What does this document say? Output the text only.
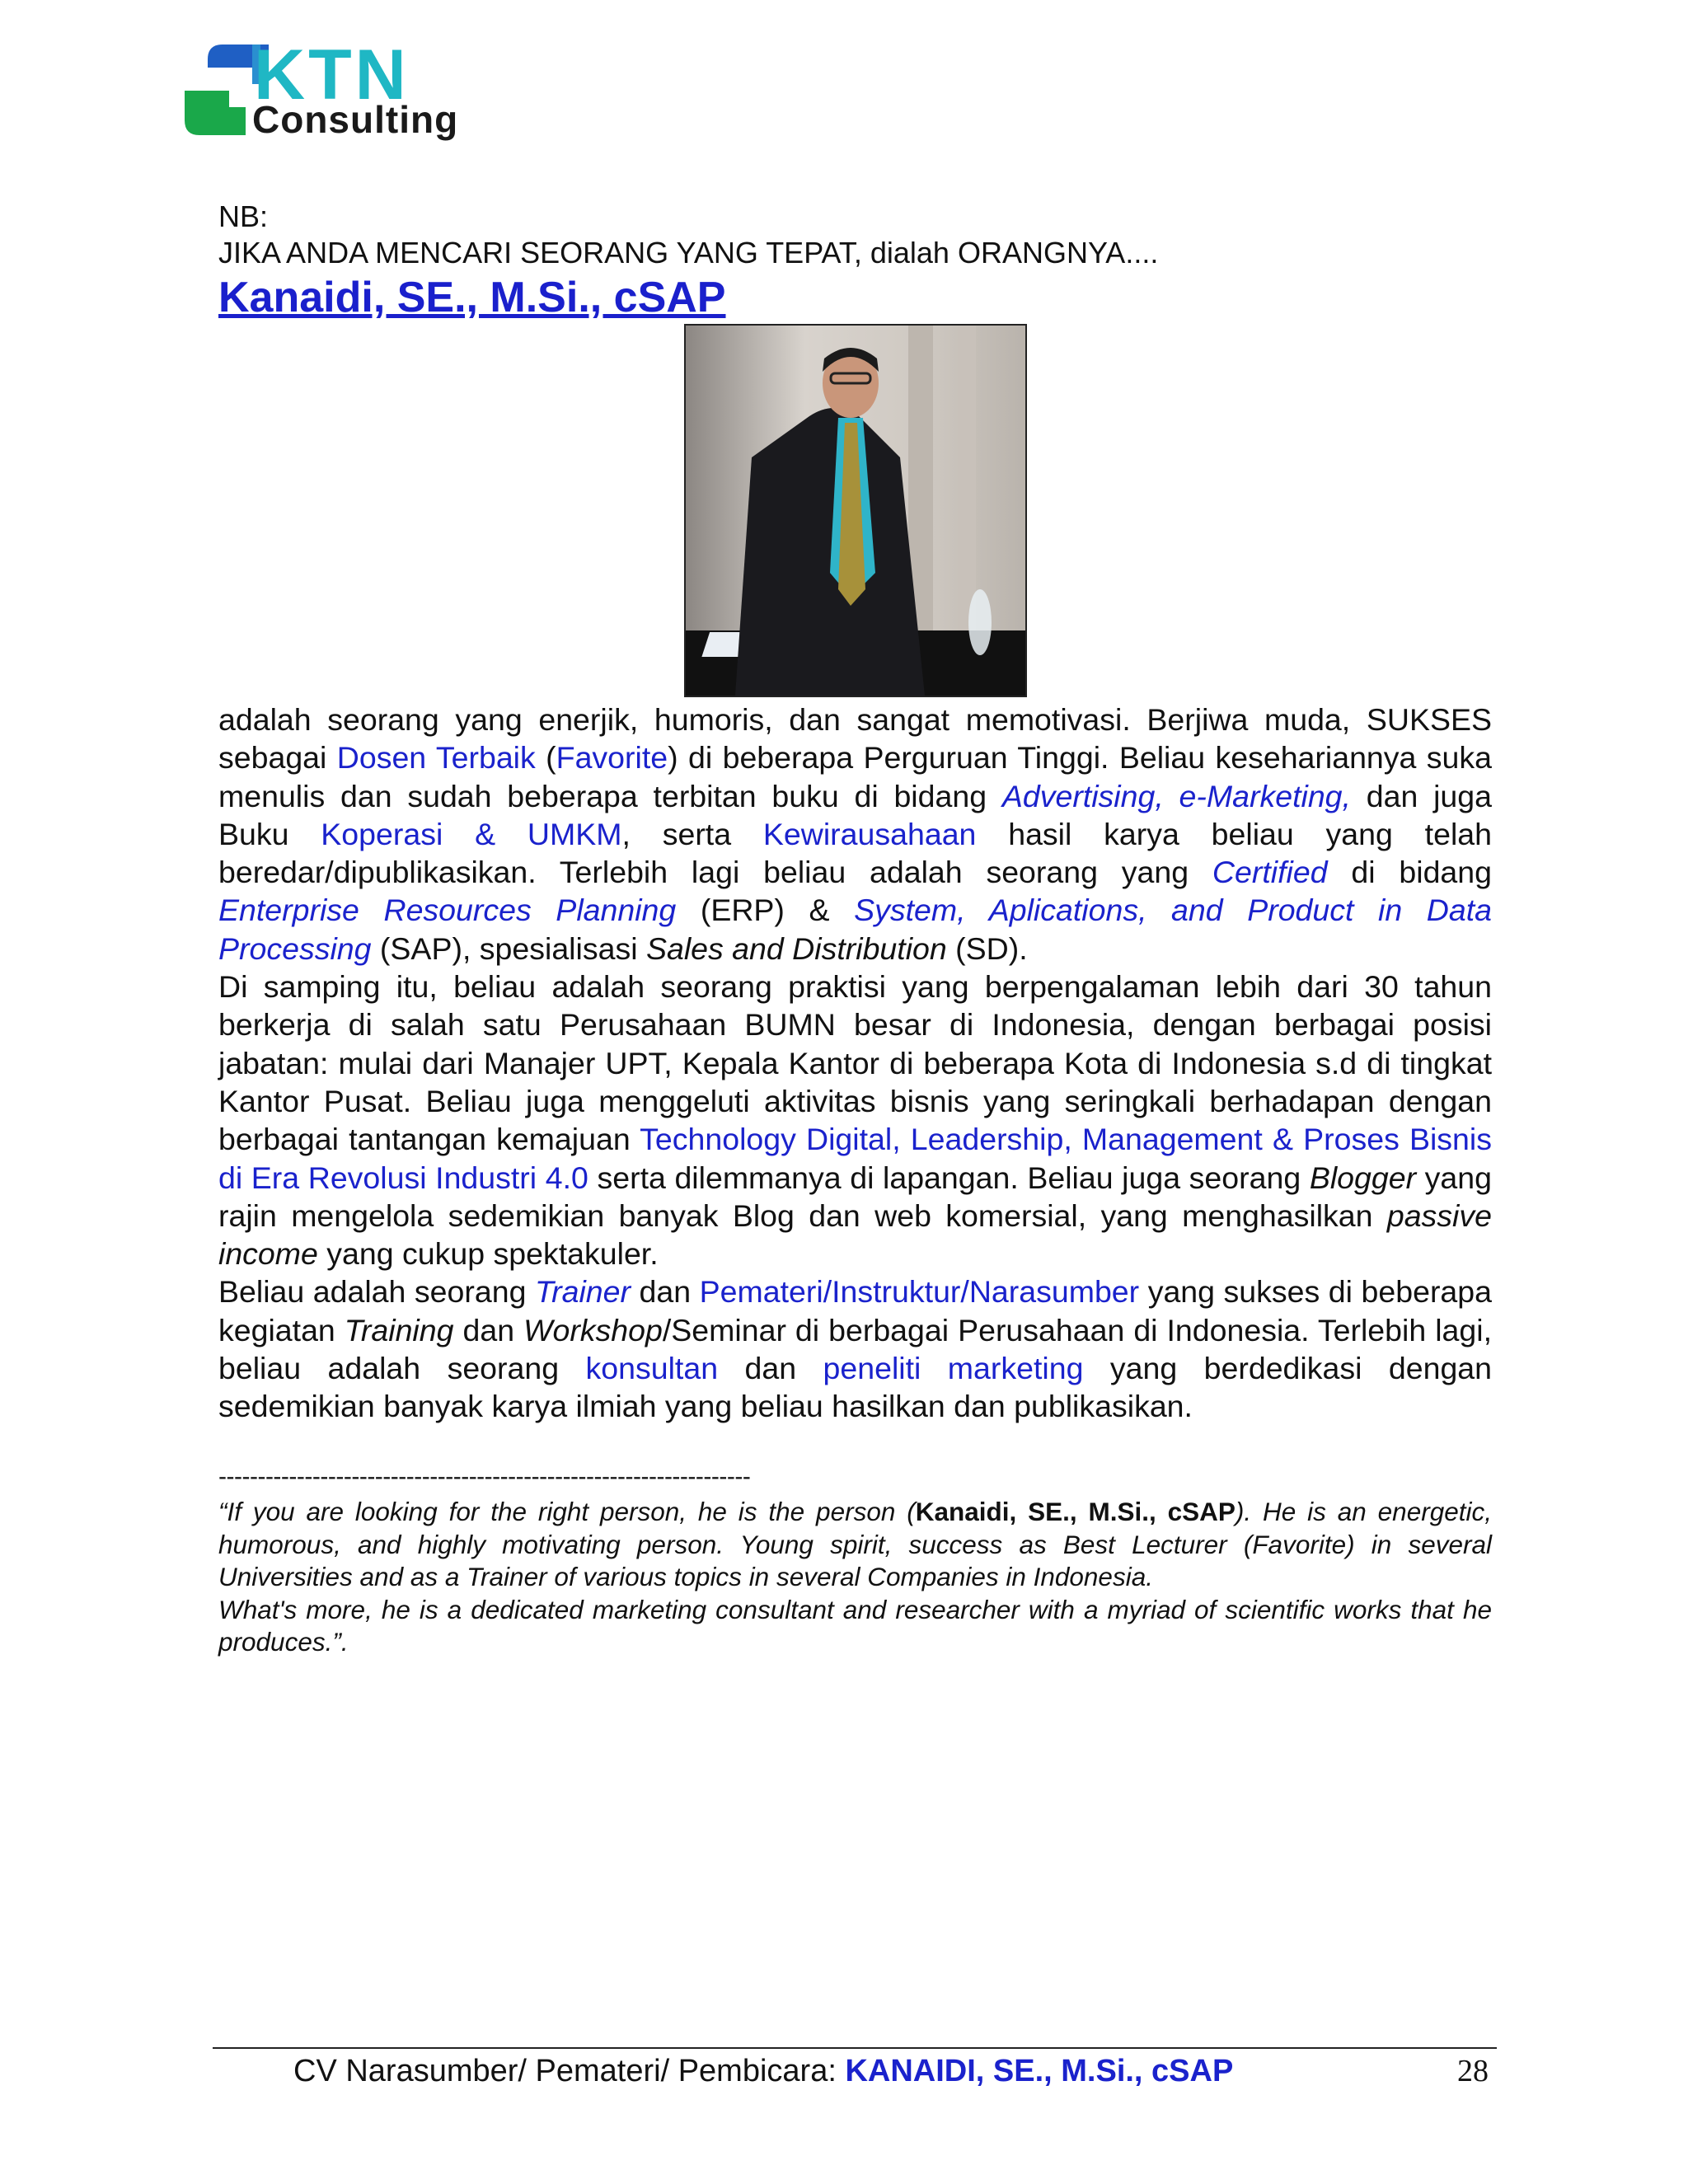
KTN
Consulting
NB:
JIKA ANDA MENCARI SEORANG YANG TEPAT, dialah ORANGNYA....
Kanaidi, SE., M.Si., cSAP

adalah seorang yang enerjik, humoris, dan sangat memotivasi. Berjiwa muda, SUKSES sebagai Dosen Terbaik (Favorite) di beberapa Perguruan Tinggi. Beliau kesehariannya suka menulis dan sudah beberapa terbitan buku di bidang Advertising, e-Marketing, dan juga Buku Koperasi & UMKM, serta Kewirausahaan hasil karya beliau yang telah beredar/dipublikasikan. Terlebih lagi beliau adalah seorang yang Certified di bidang Enterprise Resources Planning (ERP) & System, Aplications, and Product in Data Processing (SAP), spesialisasi Sales and Distribution (SD).

Di samping itu, beliau adalah seorang praktisi yang berpengalaman lebih dari 30 tahun berkerja di salah satu Perusahaan BUMN besar di Indonesia, dengan berbagai posisi jabatan: mulai dari Manajer UPT, Kepala Kantor di beberapa Kota di Indonesia s.d di tingkat Kantor Pusat. Beliau juga menggeluti aktivitas bisnis yang seringkali berhadapan dengan berbagai tantangan kemajuan Technology Digital, Leadership, Management & Proses Bisnis di Era Revolusi Industri 4.0 serta dilemmanya di lapangan. Beliau juga seorang Blogger yang rajin mengelola sedemikian banyak Blog dan web komersial, yang menghasilkan passive income yang cukup spektakuler.

Beliau adalah seorang Trainer dan Pemateri/Instruktur/Narasumber yang sukses di beberapa kegiatan Training dan Workshop/Seminar di berbagai Perusahaan di Indonesia. Terlebih lagi, beliau adalah seorang konsultan dan peneliti marketing yang berdedikasi dengan sedemikian banyak karya ilmiah yang beliau hasilkan dan publikasikan.

--------------------------------------------------------------------

“If you are looking for the right person, he is the person (Kanaidi, SE., M.Si., cSAP). He is an energetic, humorous, and highly motivating person. Young spirit, success as Best Lecturer (Favorite) in several Universities and as a Trainer of various topics in several Companies in Indonesia.

What's more, he is a dedicated marketing consultant and researcher with a myriad of scientific works that he produces.”.

CV Narasumber/ Pemateri/ Pembicara: KANAIDI, SE., M.Si., cSAP	28
